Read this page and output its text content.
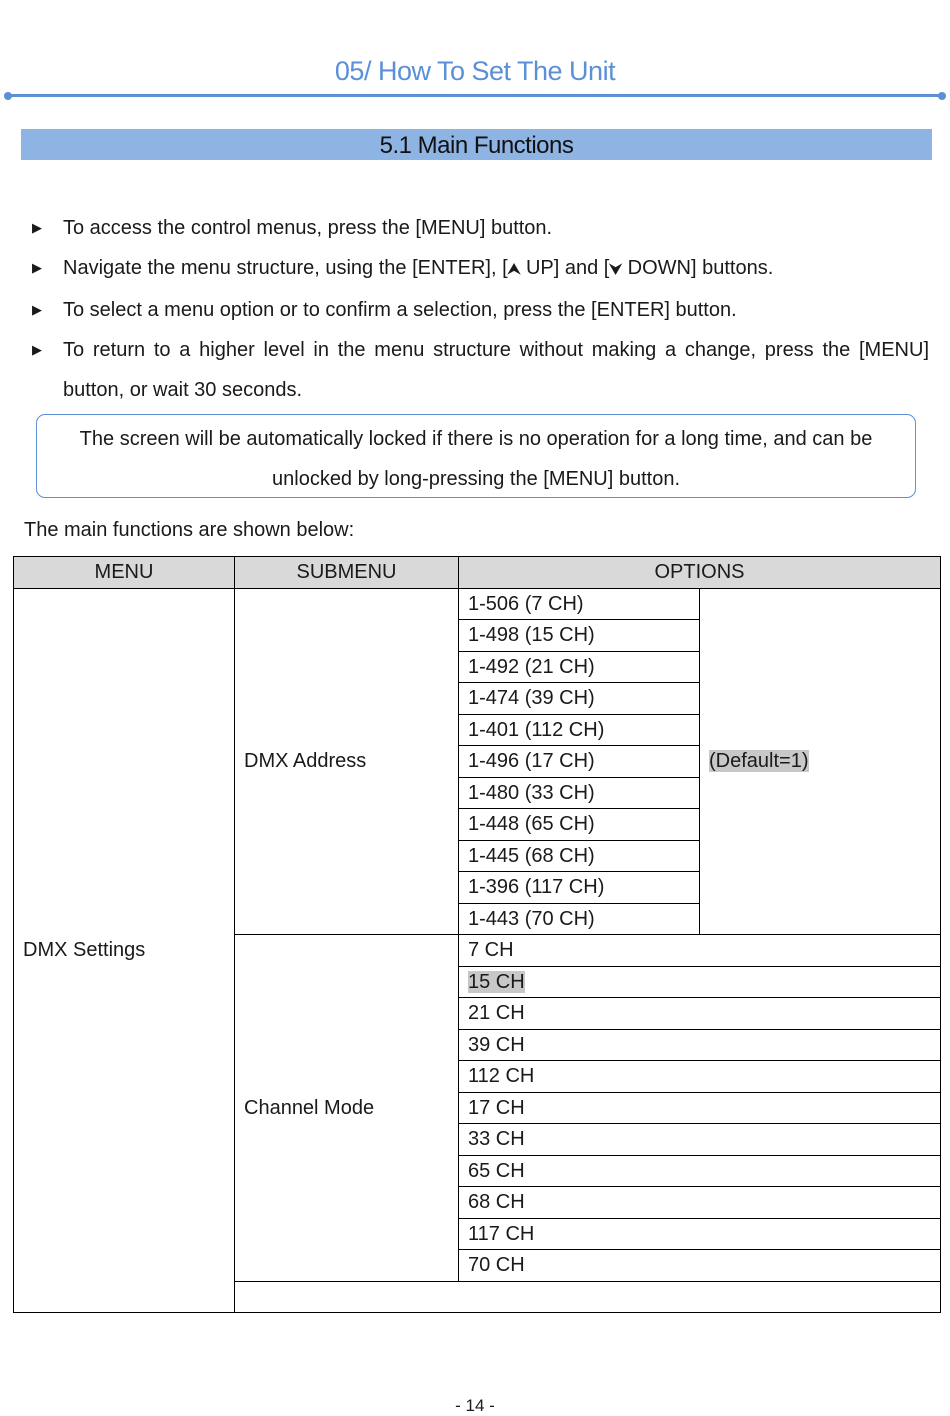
05/ How To Set The Unit
5.1 Main Functions
▶ To access the control menus, press the [MENU] button.
▶ Navigate the menu structure, using the [ENTER], [⮝ UP] and [⮟ DOWN] buttons.
▶ To select a menu option or to confirm a selection, press the [ENTER] button.
▶ To return to a higher level in the menu structure without making a change, press the [MENU] button, or wait 30 seconds.
The screen will be automatically locked if there is no operation for a long time, and can be unlocked by long-pressing the [MENU] button.
The main functions are shown below:
MENU	SUBMENU	OPTIONS	
DMX Settings	DMX Address	1-506 (7 CH)	(Default=1)
		1-498 (15 CH)	
		1-492 (21 CH)	
		1-474 (39 CH)	
		1-401 (112 CH)	
		1-496 (17 CH)	
		1-480 (33 CH)	
		1-448 (65 CH)	
		1-445 (68 CH)	
		1-396 (117 CH)	
		1-443 (70 CH)	
	Channel Mode	7 CH	
		15 CH	
		21 CH	
		39 CH	
		112 CH	
		17 CH	
		33 CH	
		65 CH	
		68 CH	
		117 CH	
		70 CH	

- 14 -
